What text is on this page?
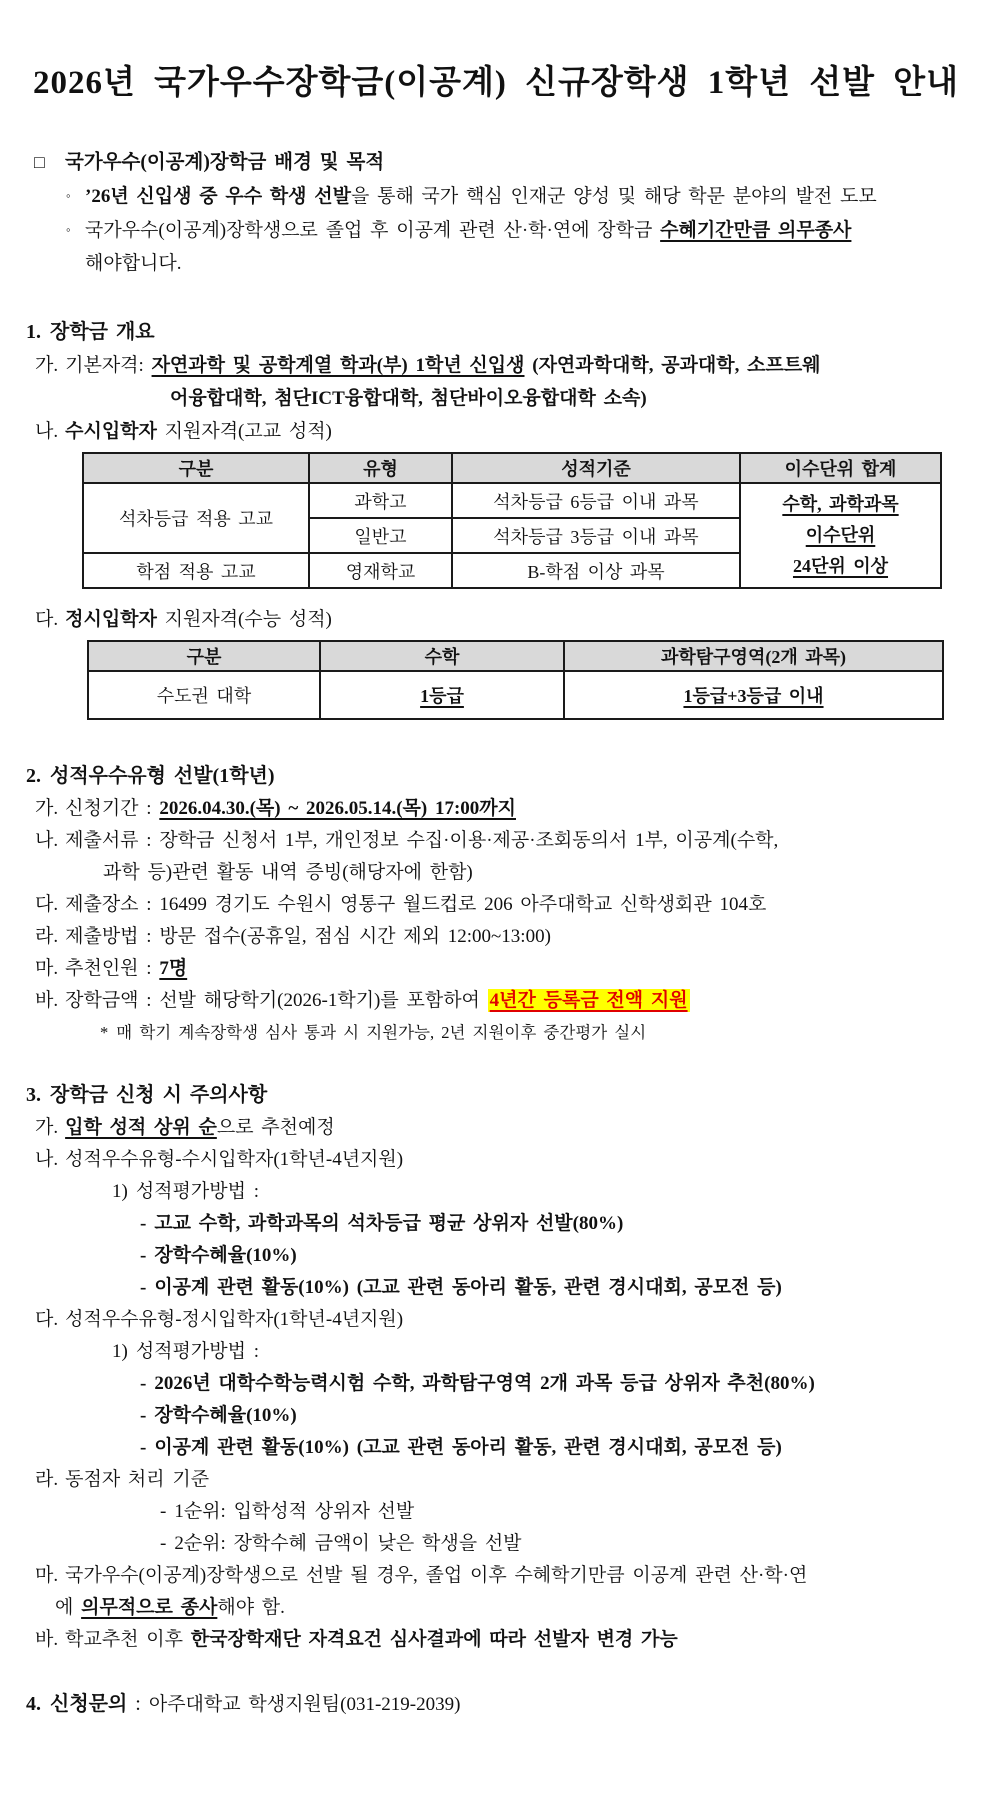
2026년 국가우수장학금(이공계) 신규장학생 1학년 선발 안내
□ 국가우수(이공계)장학금 배경 및 목적
◦ ’26년 신입생 중 우수 학생 선발을 통해 국가 핵심 인재군 양성 및 해당 학문 분야의 발전 도모
◦ 국가우수(이공계)장학생으로 졸업 후 이공계 관련 산·학·연에 장학금 수혜기간만큼 의무종사
해야합니다.
1. 장학금 개요
가. 기본자격: 자연과학 및 공학계열 학과(부) 1학년 신입생 (자연과학대학, 공과대학, 소프트웨
어융합대학, 첨단ICT융합대학, 첨단바이오융합대학 소속)
나. 수시입학자 지원자격(고교 성적)
구분	유형	성적기준	이수단위 합계
석차등급 적용 고교	과학고	석차등급 6등급 이내 과목	수학, 과학과목
이수단위
24단위 이상

	일반고	석차등급 3등급 이내 과목	
학점 적용 고교	영재학교	B-학점 이상 과목	
다. 정시입학자 지원자격(수능 성적)
구분	수학	과학탐구영역(2개 과목)
수도권 대학	1등급	1등급+3등급 이내
2. 성적우수유형 선발(1학년)
가. 신청기간 : 2026.04.30.(목) ~ 2026.05.14.(목) 17:00까지
나. 제출서류 : 장학금 신청서 1부, 개인정보 수집·이용·제공·조회동의서 1부, 이공계(수학,
과학 등)관련 활동 내역 증빙(해당자에 한함)
다. 제출장소 : 16499 경기도 수원시 영통구 월드컵로 206 아주대학교 신학생회관 104호
라. 제출방법 : 방문 접수(공휴일, 점심 시간 제외 12:00~13:00)
마. 추천인원 : 7명
바. 장학금액 : 선발 해당학기(2026-1학기)를 포함하여 4년간 등록금 전액 지원
* 매 학기 계속장학생 심사 통과 시 지원가능, 2년 지원이후 중간평가 실시
3. 장학금 신청 시 주의사항
가. 입학 성적 상위 순으로 추천예정
나. 성적우수유형-수시입학자(1학년-4년지원)
1) 성적평가방법 :
- 고교 수학, 과학과목의 석차등급 평균 상위자 선발(80%)
- 장학수혜율(10%)
- 이공계 관련 활동(10%) (고교 관련 동아리 활동, 관련 경시대회, 공모전 등)
다. 성적우수유형-정시입학자(1학년-4년지원)
1) 성적평가방법 :
- 2026년 대학수학능력시험 수학, 과학탐구영역 2개 과목 등급 상위자 추천(80%)
- 장학수혜율(10%)
- 이공계 관련 활동(10%) (고교 관련 동아리 활동, 관련 경시대회, 공모전 등)
라. 동점자 처리 기준
- 1순위: 입학성적 상위자 선발
- 2순위: 장학수혜 금액이 낮은 학생을 선발
마. 국가우수(이공계)장학생으로 선발 될 경우, 졸업 이후 수혜학기만큼 이공계 관련 산·학·연
에 의무적으로 종사해야 함.
바. 학교추천 이후 한국장학재단 자격요건 심사결과에 따라 선발자 변경 가능
4. 신청문의 : 아주대학교 학생지원팀(031-219-2039)
